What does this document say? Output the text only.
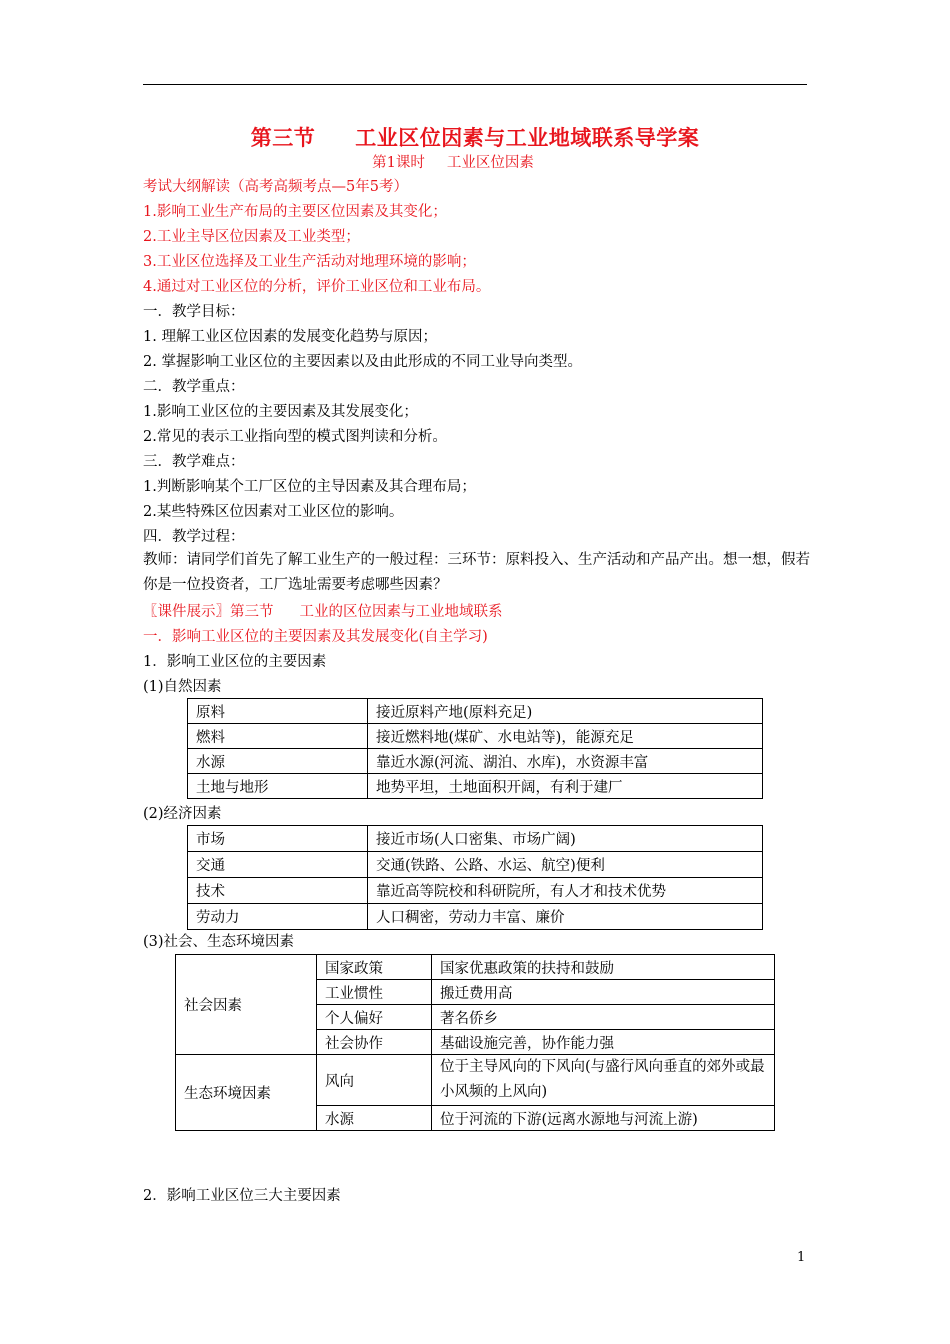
第三节 工业区位因素与工业地域联系导学案
第1课时 工业区位因素
考试大纲解读（高考高频考点—5年5考）
1.影响工业生产布局的主要区位因素及其变化；
2.工业主导区位因素及工业类型；
3.工业区位选择及工业生产活动对地理环境的影响；
4.通过对工业区位的分析，评价工业区位和工业布局。
一．教学目标：
1. 理解工业区位因素的发展变化趋势与原因；
2. 掌握影响工业区位的主要因素以及由此形成的不同工业导向类型。
二．教学重点：
1.影响工业区位的主要因素及其发展变化；
2.常见的表示工业指向型的模式图判读和分析。
三．教学难点：
1.判断影响某个工厂区位的主导因素及其合理布局；
2.某些特殊区位因素对工业区位的影响。
四．教学过程：
教师：请同学们首先了解工业生产的一般过程：三环节：原料投入、生产活动和产品产出。想一想，假若你是一位投资者，工厂选址需要考虑哪些因素？
〖课件展示〗第三节 工业的区位因素与工业地域联系
一．影响工业区位的主要因素及其发展变化(自主学习)
1．影响工业区位的主要因素
(1)自然因素
原料	接近原料产地(原料充足)
燃料	接近燃料地(煤矿、水电站等)，能源充足
水源	靠近水源(河流、湖泊、水库)，水资源丰富
土地与地形	地势平坦，土地面积开阔，有利于建厂
(2)经济因素
市场	接近市场(人口密集、市场广阔)
交通	交通(铁路、公路、水运、航空)便利
技术	靠近高等院校和科研院所，有人才和技术优势
劳动力	人口稠密，劳动力丰富、廉价
(3)社会、生态环境因素
社会因素	国家政策	国家优惠政策的扶持和鼓励
	工业惯性	搬迁费用高
	个人偏好	著名侨乡
	社会协作	基础设施完善，协作能力强
生态环境因素	风向	位于主导风向的下风向(与盛行风向垂直的郊外或最小风频的上风向)
	水源	位于河流的下游(远离水源地与河流上游)
2．影响工业区位三大主要因素
1
